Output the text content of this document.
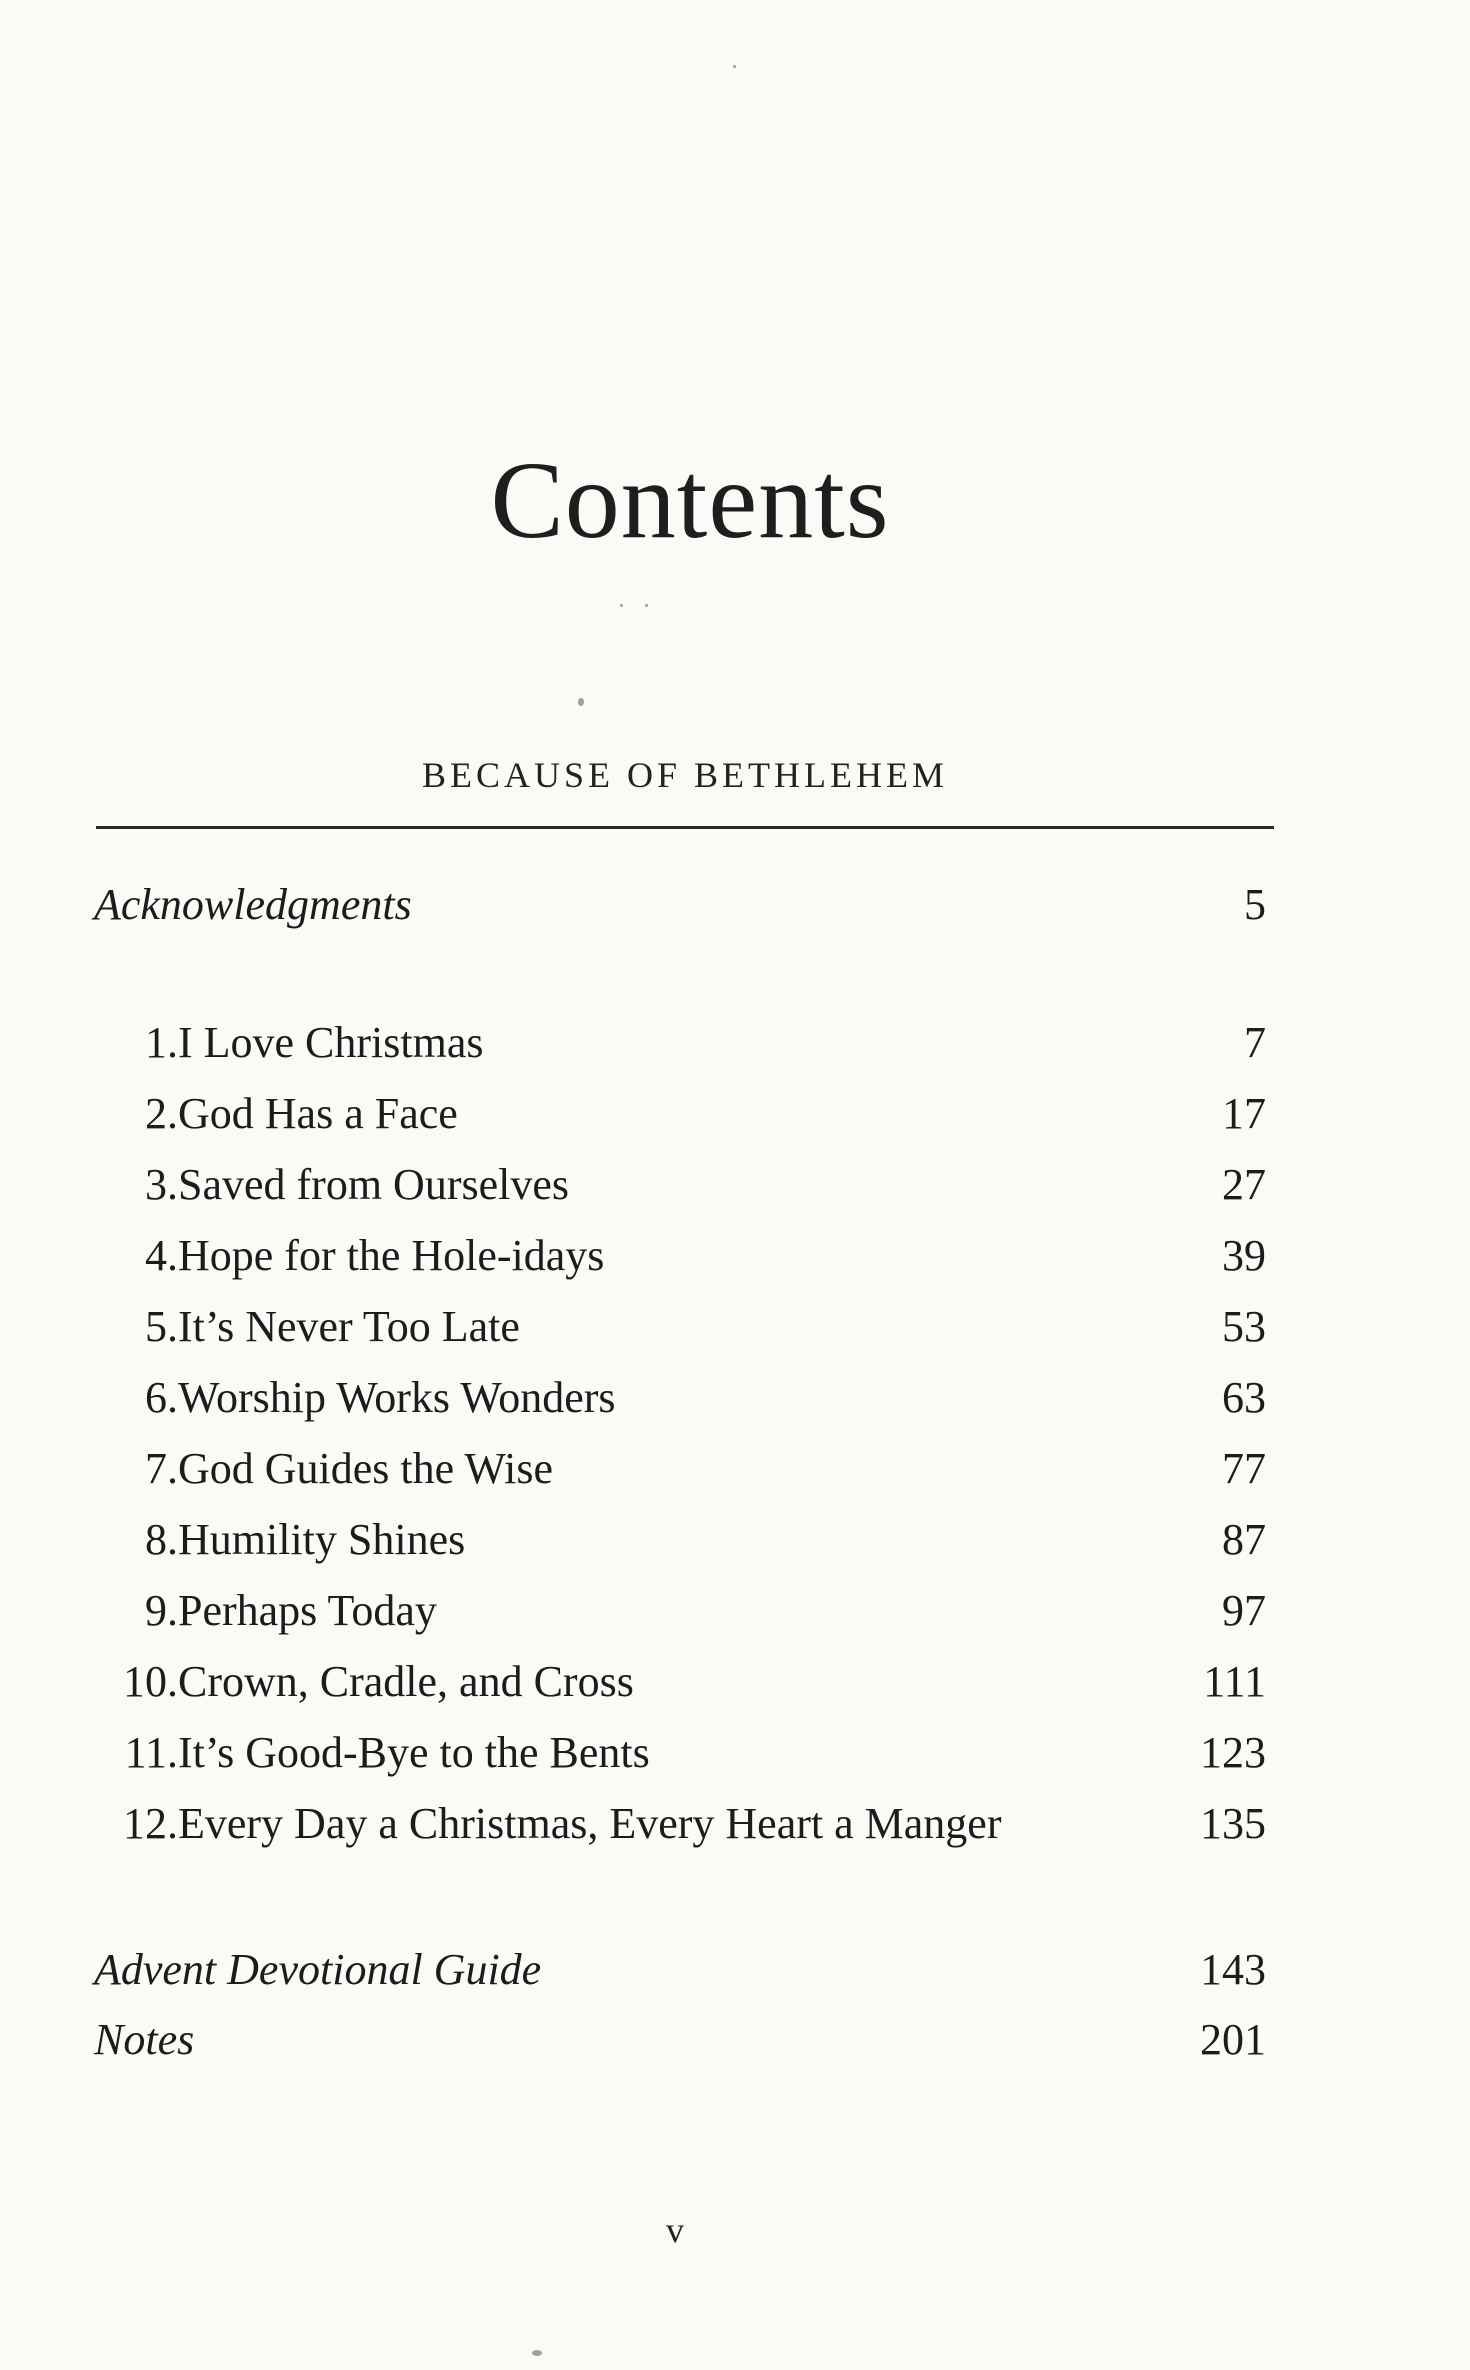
Contents
BECAUSE OF BETHLEHEM
Acknowledgments	5
1. I Love Christmas	7
2. God Has a Face	17
3. Saved from Ourselves	27
4. Hope for the Hole-idays	39
5. It’s Never Too Late	53
6. Worship Works Wonders	63
7. God Guides the Wise	77
8. Humility Shines	87
9. Perhaps Today	97
10. Crown, Cradle, and Cross	111
11. It’s Good-Bye to the Bents	123
12. Every Day a Christmas, Every Heart a Manger	135
Advent Devotional Guide	143
Notes	201
v
